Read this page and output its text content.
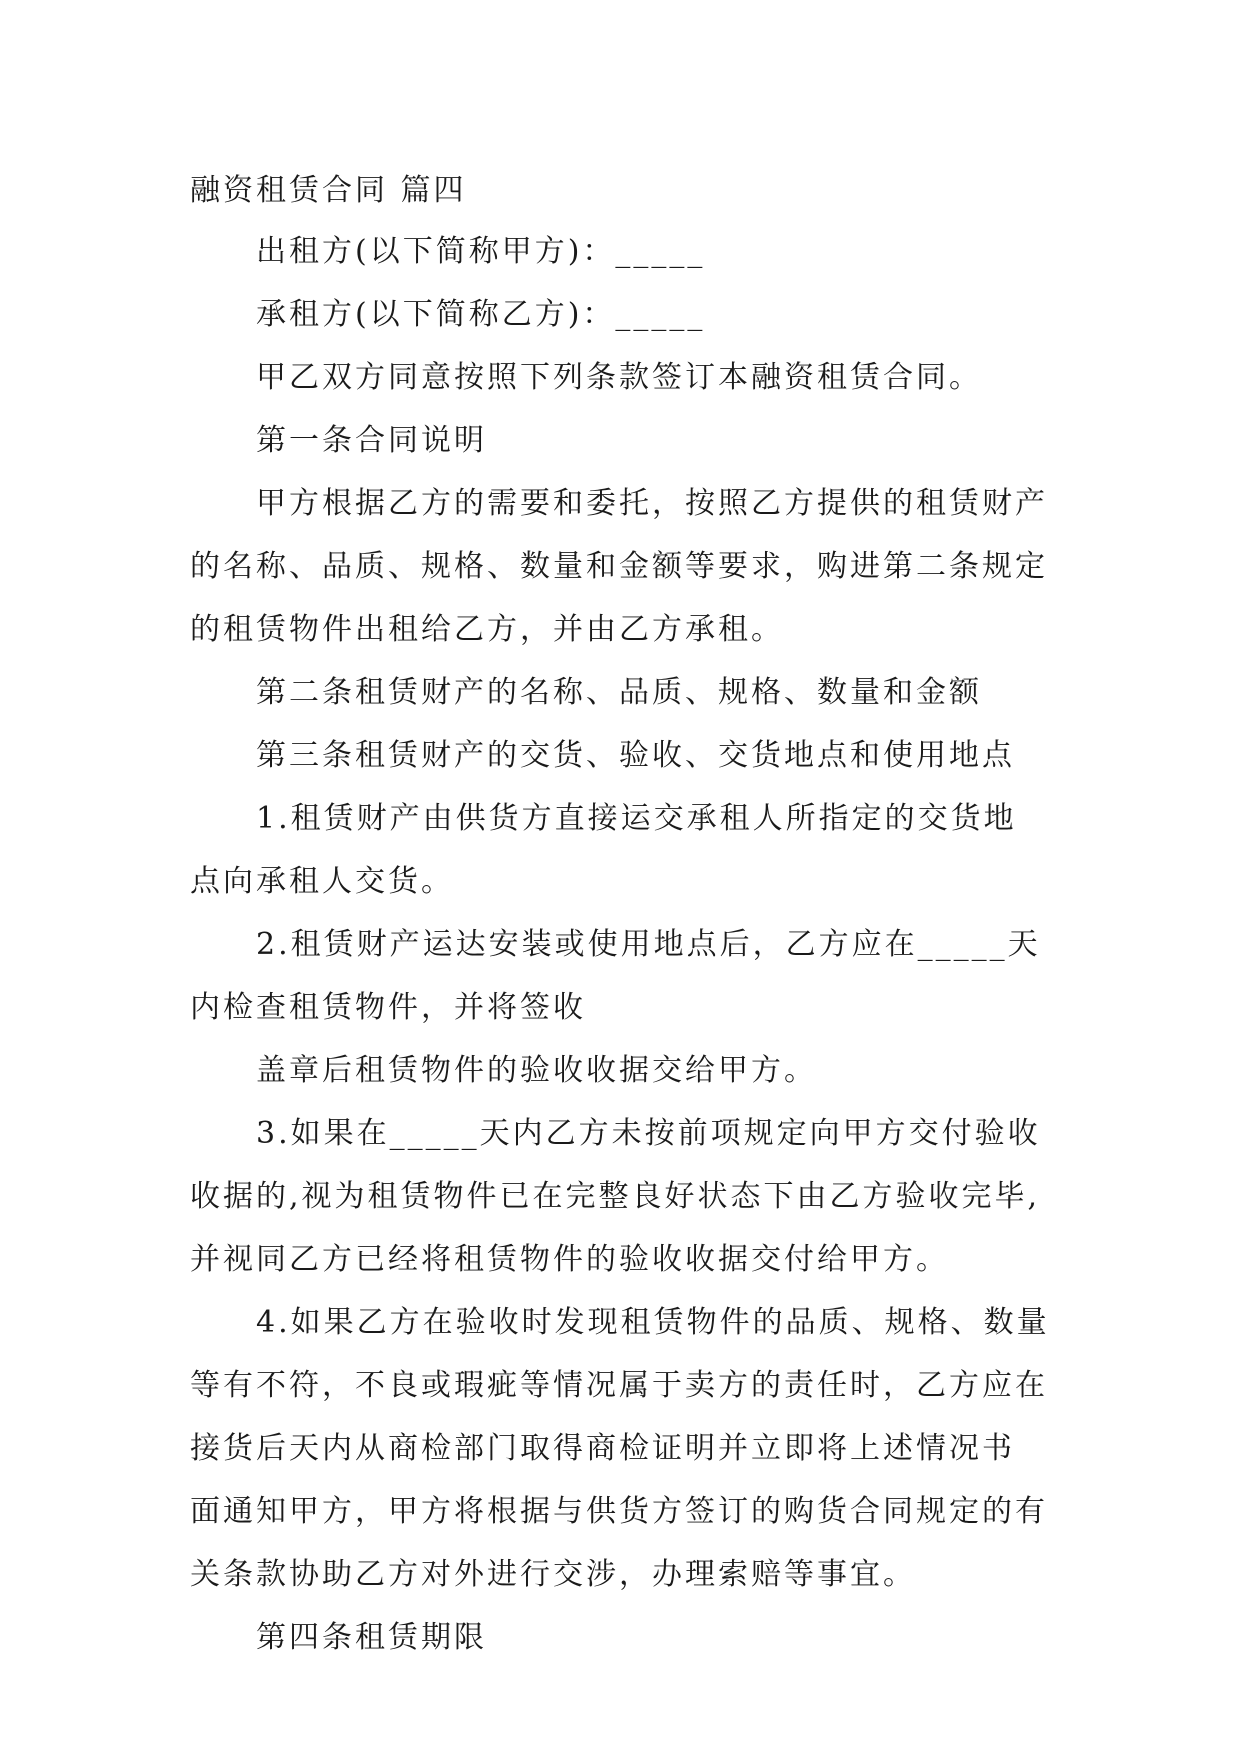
融资租赁合同 篇四
出租方(以下简称甲方)：_____
承租方(以下简称乙方)：_____
甲乙双方同意按照下列条款签订本融资租赁合同。
第一条合同说明
甲方根据乙方的需要和委托，按照乙方提供的租赁财产
的名称、品质、规格、数量和金额等要求，购进第二条规定
的租赁物件出租给乙方，并由乙方承租。
第二条租赁财产的名称、品质、规格、数量和金额
第三条租赁财产的交货、验收、交货地点和使用地点
1.租赁财产由供货方直接运交承租人所指定的交货地
点向承租人交货。
2.租赁财产运达安装或使用地点后，乙方应在_____天
内检查租赁物件，并将签收
盖章后租赁物件的验收收据交给甲方。
3.如果在_____天内乙方未按前项规定向甲方交付验收
收据的,视为租赁物件已在完整良好状态下由乙方验收完毕,
并视同乙方已经将租赁物件的验收收据交付给甲方。
4.如果乙方在验收时发现租赁物件的品质、规格、数量
等有不符，不良或瑕疵等情况属于卖方的责任时，乙方应在
接货后天内从商检部门取得商检证明并立即将上述情况书
面通知甲方，甲方将根据与供货方签订的购货合同规定的有
关条款协助乙方对外进行交涉，办理索赔等事宜。
第四条租赁期限
